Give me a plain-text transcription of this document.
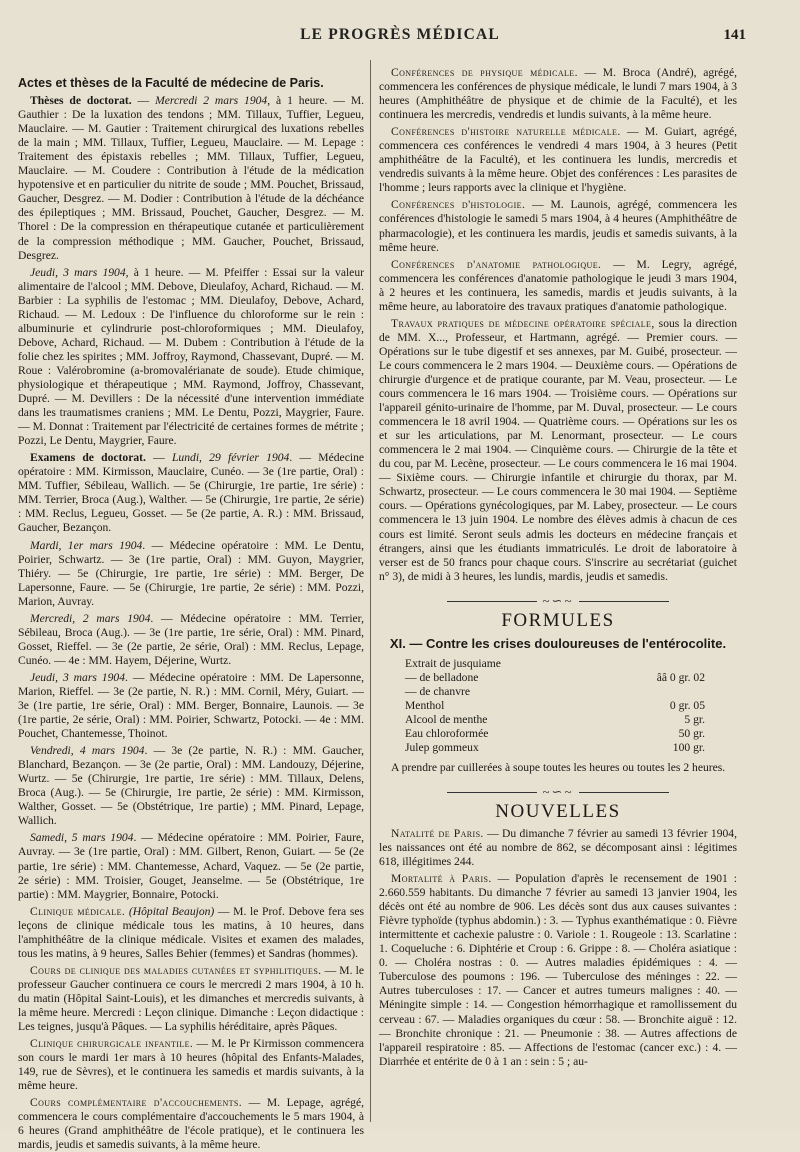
LE PROGRÈS MÉDICAL	141
Actes et thèses de la Faculté de médecine de Paris.

Thèses de doctorat. — Mercredi 2 mars 1904, à 1 heure. — M. Gauthier : De la luxation des tendons ; MM. Tillaux, Tuffier, Legueu, Mauclaire. — M. Gautier : Traitement chirurgical des luxations rebelles de la main ; MM. Tillaux, Tuffier, Legueu, Mauclaire. — M. Lepage : Traitement des épistaxis rebelles ; MM. Tillaux, Tuffier, Legueu, Mauclaire. — M. Coudere : Contribution à l'étude de la médication hypotensive et en particulier du nitrite de soude ; MM. Pouchet, Brissaud, Gaucher, Desgrez. — M. Dodier : Contribution à l'étude de la déchéance des épileptiques ; MM. Brissaud, Pouchet, Gaucher, Desgrez. — M. Thorel : De la compression en thérapeutique cutanée et particulièrement de la compression méthodique ; MM. Gaucher, Pouchet, Brissaud, Desgrez.

Jeudi, 3 mars 1904, à 1 heure. — M. Pfeiffer : Essai sur la valeur alimentaire de l'alcool ; MM. Debove, Dieulafoy, Achard, Richaud. — M. Barbier : La syphilis de l'estomac ; MM. Dieulafoy, Debove, Achard, Richaud. — M. Ledoux : De l'influence du chloroforme sur le rein : albuminurie et cylindrurie post-chloroformiques ; MM. Dieulafoy, Debove, Achard, Richaud. — M. Dubem : Contribution à l'étude de la folie chez les spirites ; MM. Joffroy, Raymond, Chassevant, Dupré. — M. Roue : Valérobromine (a-bromovalérianate de soude). Etude chimique, physiologique et thérapeutique ; MM. Raymond, Joffroy, Chassevant, Dupré. — M. Devillers : De la nécessité d'une intervention immédiate dans les traumatismes craniens ; MM. Le Dentu, Pozzi, Maygrier, Faure. — M. Donnat : Traitement par l'électricité de certaines formes de métrite ; Pozzi, Le Dentu, Maygrier, Faure.

Examens de doctorat. — Lundi, 29 février 1904. — Médecine opératoire : MM. Kirmisson, Mauclaire, Cunéo. — 3e (1re partie, Oral) : MM. Tuffier, Sébileau, Wallich. — 5e (Chirurgie, 1re partie, 1re série) : MM. Terrier, Broca (Aug.), Walther. — 5e (Chirurgie, 1re partie, 2e série) : MM. Reclus, Legueu, Gosset. — 5e (2e partie, A. R.) : MM. Brissaud, Gaucher, Bezançon.

Mardi, 1er mars 1904. — Médecine opératoire : MM. Le Dentu, Poirier, Schwartz. — 3e (1re partie, Oral) : MM. Guyon, Maygrier, Thiéry. — 5e (Chirurgie, 1re partie, 1re série) : MM. Berger, De Lapersonne, Faure. — 5e (Chirurgie, 1re partie, 2e série) : MM. Pozzi, Marion, Auvray.

Mercredi, 2 mars 1904. — Médecine opératoire : MM. Terrier, Sébileau, Broca (Aug.). — 3e (1re partie, 1re série, Oral) : MM. Pinard, Gosset, Rieffel. — 3e (2e partie, 2e série, Oral) : MM. Reclus, Lepage, Cunéo. — 4e : MM. Hayem, Déjerine, Wurtz.

Jeudi, 3 mars 1904. — Médecine opératoire : MM. De Lapersonne, Marion, Rieffel. — 3e (2e partie, N. R.) : MM. Cornil, Méry, Guiart. — 3e (1re partie, 1re série, Oral) : MM. Berger, Bonnaire, Launois. — 3e (1re partie, 2e série, Oral) : MM. Poirier, Schwartz, Potocki. — 4e : MM. Pouchet, Chantemesse, Thoinot.

Vendredi, 4 mars 1904. — 3e (2e partie, N. R.) : MM. Gaucher, Blanchard, Bezançon. — 3e (2e partie, Oral) : MM. Landouzy, Déjerine, Wurtz. — 5e (Chirurgie, 1re partie, 1re série) : MM. Tillaux, Delens, Broca (Aug.). — 5e (Chirurgie, 1re partie, 2e série) : MM. Kirmisson, Walther, Gosset. — 5e (Obstétrique, 1re partie) ; MM. Pinard, Lepage, Wallich.

Samedi, 5 mars 1904. — Médecine opératoire : MM. Poirier, Faure, Auvray. — 3e (1re partie, Oral) : MM. Gilbert, Renon, Guiart. — 5e (2e partie, 1re série) : MM. Chantemesse, Achard, Vaquez. — 5e (2e partie, 2e série) : MM. Troisier, Gouget, Jeanselme. — 5e (Obstétrique, 1re partie) : MM. Maygrier, Bonnaire, Potocki.

Clinique médicale. (Hôpital Beaujon) — M. le Prof. Debove fera ses leçons de clinique médicale tous les matins, à 10 heures, dans l'amphithéâtre de la clinique médicale. Visites et examen des malades, tous les matins, à 9 heures, Salles Behier (femmes) et Sandras (hommes).

Cours de clinique des maladies cutanées et syphilitiques. — M. le professeur Gaucher continuera ce cours le mercredi 2 mars 1904, à 10 h. du matin (Hôpital Saint-Louis), et les dimanches et mercredis suivants, à la même heure. Mercredi : Leçon clinique. Dimanche : Leçon didactique : Les teignes, jusqu'à Pâques. — La syphilis héréditaire, après Pâques.

Clinique chirurgicale infantile. — M. le Pr Kirmisson commencera son cours le mardi 1er mars à 10 heures (hôpital des Enfants-Malades, 149, rue de Sèvres), et le continuera les samedis et mardis suivants, à la même heure.

Cours complémentaire d'accouchements. — M. Lepage, agrégé, commencera le cours complémentaire d'accouchements le 5 mars 1904, à 6 heures (Grand amphithéâtre de l'école pratique), et le continuera les mardis, jeudis et samedis suivants, à la même heure.

Conférences de physique médicale. — M. Broca (André), agrégé, commencera les conférences de physique médicale, le lundi 7 mars 1904, à 3 heures (Amphithéâtre de physique et de chimie de la Faculté), et les continuera les mercredis, vendredis et lundis suivants, à la même heure.

Conférences d'histoire naturelle médicale. — M. Guiart, agrégé, commencera ces conférences le vendredi 4 mars 1904, à 3 heures (Petit amphithéâtre de la Faculté), et les continuera les lundis, mercredis et vendredis suivants à la même heure. Objet des conférences : Les parasites de l'homme ; leurs rapports avec la clinique et l'hygiène.

Conférences d'histologie. — M. Launois, agrégé, commencera les conférences d'histologie le samedi 5 mars 1904, à 4 heures (Amphithéâtre de pharmacologie), et les continuera les mardis, jeudis et samedis suivants, à la même heure.

Conférences d'anatomie pathologique. — M. Legry, agrégé, commencera les conférences d'anatomie pathologique le jeudi 3 mars 1904, à 2 heures et les continuera, les samedis, mardis et jeudis suivants, à la même heure, au laboratoire des travaux pratiques d'anatomie pathologique.

Travaux pratiques de médecine opératoire spéciale, sous la direction de MM. X..., Professeur, et Hartmann, agrégé. — Premier cours. — Opérations sur le tube digestif et ses annexes, par M. Guibé, prosecteur. — Le cours commencera le 2 mars 1904. — Deuxième cours. — Opérations de chirurgie d'urgence et de pratique courante, par M. Veau, prosecteur. — Le cours commencera le 16 mars 1904. — Troisième cours. — Opérations sur l'appareil génito-urinaire de l'homme, par M. Duval, prosecteur. — Le cours commencera le 18 avril 1904. — Quatrième cours. — Opérations sur les os et sur les articulations, par M. Lenormant, prosecteur. — Le cours commencera le 2 mai 1904. — Cinquième cours. — Chirurgie de la tête et du cou, par M. Lecène, prosecteur. — Le cours commencera le 16 mai 1904. — Sixième cours. — Chirurgie infantile et chirurgie du thorax, par M. Schwartz, prosecteur. — Le cours commencera le 30 mai 1904. — Septième cours. — Opérations gynécologiques, par M. Labey, prosecteur. — Le cours commencera le 13 juin 1904. Le nombre des élèves admis à chacun de ces cours est limité. Seront seuls admis les docteurs en médecine français et étrangers, ainsi que les étudiants immatriculés. Le droit de laboratoire à verser est de 50 francs pour chaque cours. S'inscrire au secrétariat (guichet n° 3), de midi à 3 heures, les lundis, mardis, jeudis et samedis.

~∽~
FORMULES
XI. — Contre les crises douloureuses de l'entérocolite.
Extrait de jusquiame
— de belladone	ââ 0 gr. 02
— de chanvre
Menthol	0 gr. 05
Alcool de menthe	5 gr.
Eau chloroformée	50 gr.
Julep gommeux	100 gr.

A prendre par cuillerées à soupe toutes les heures ou toutes les 2 heures.

~∽~
NOUVELLES

Natalité de Paris. — Du dimanche 7 février au samedi 13 février 1904, les naissances ont été au nombre de 862, se décomposant ainsi : légitimes 618, illégitimes 244.

Mortalité à Paris. — Population d'après le recensement de 1901 : 2.660.559 habitants. Du dimanche 7 février au samedi 13 janvier 1904, les décès ont été au nombre de 906. Les décès sont dus aux causes suivantes : Fièvre typhoïde (typhus abdomin.) : 3. — Typhus exanthématique : 0. Fièvre intermittente et cachexie palustre : 0. Variole : 1. Rougeole : 13. Scarlatine : 1. Coqueluche : 6. Diphtérie et Croup : 6. Grippe : 8. — Choléra asiatique : 0. — Choléra nostras : 0. — Autres maladies épidémiques : 4. — Tuberculose des poumons : 196. — Tuberculose des méninges : 22. — Autres tuberculoses : 17. — Cancer et autres tumeurs malignes : 40. — Méningite simple : 14. — Congestion hémorrhagique et ramollissement du cerveau : 67. — Maladies organiques du cœur : 58. — Bronchite aiguë : 12. — Bronchite chronique : 21. — Pneumonie : 38. — Autres affections de l'appareil respiratoire : 85. — Affections de l'estomac (cancer exc.) : 4. — Diarrhée et entérite de 0 à 1 an : sein : 5 ; au-
